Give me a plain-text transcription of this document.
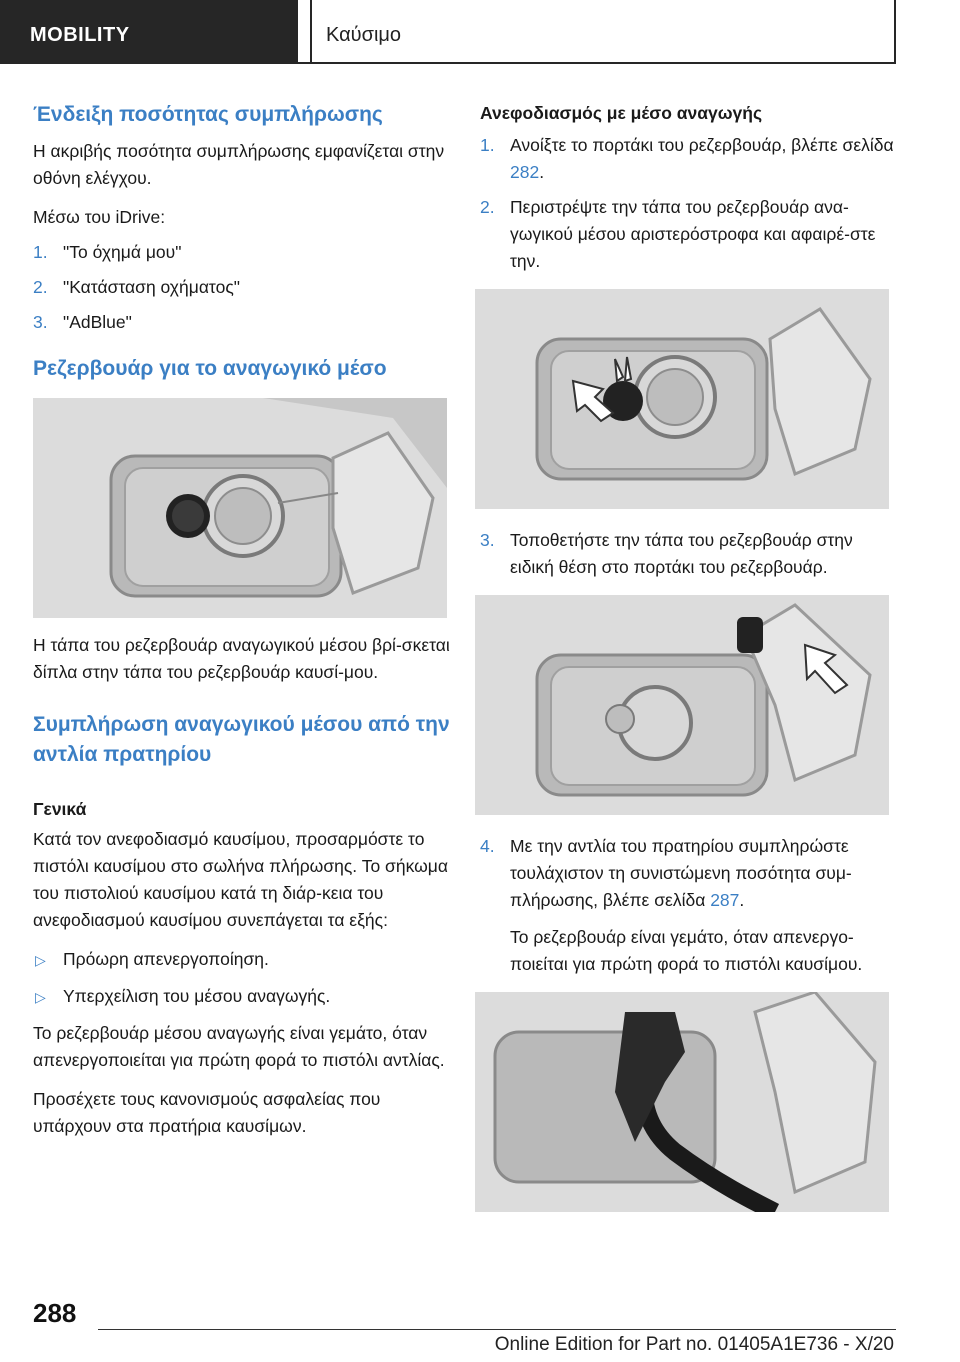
MOBILITY	Καύσιμο
Ένδειξη ποσότητας συμπλήρωσης

Η ακριβής ποσότητα συμπλήρωσης εμφανίζεται στην οθόνη ελέγχου.

Μέσω του iDrive:

1. "Το όχημά μου"
2. "Κατάσταση οχήματος"
3. "AdBlue"
Ρεζερβουάρ για το αναγωγικό μέσο

Η τάπα του ρεζερβουάρ αναγωγικού μέσου βρί-σκεται δίπλα στην τάπα του ρεζερβουάρ καυσί-μου.

Συμπλήρωση αναγωγικού μέσου από την αντλία πρατηρίου
Γενικά

Κατά τον ανεφοδιασμό καυσίμου, προσαρμόστε το πιστόλι καυσίμου στο σωλήνα πλήρωσης. Το σήκωμα του πιστολιού καυσίμου κατά τη διάρ-κεια του ανεφοδιασμού καυσίμου συνεπάγεται τα εξής:

▷ Πρόωρη απενεργοποίηση.
▷ Υπερχείλιση του μέσου αναγωγής.

Το ρεζερβουάρ μέσου αναγωγής είναι γεμάτο, όταν απενεργοποιείται για πρώτη φορά το πιστόλι αντλίας.

Προσέχετε τους κανονισμούς ασφαλείας που υπάρχουν στα πρατήρια καυσίμων.

Ανεφοδιασμός με μέσο αναγωγής
1. Ανοίξτε το πορτάκι του ρεζερβουάρ, βλέπε σελίδα 282.
2. Περιστρέψτε την τάπα του ρεζερβουάρ ανα-γωγικού μέσου αριστερόστροφα και αφαιρέ-στε την.
3. Τοποθετήστε την τάπα του ρεζερβουάρ στην ειδική θέση στο πορτάκι του ρεζερβουάρ.
4. Με την αντλία του πρατηρίου συμπληρώστε τουλάχιστον τη συνιστώμενη ποσότητα συμ-πλήρωσης, βλέπε σελίδα 287.
Το ρεζερβουάρ είναι γεμάτο, όταν απενεργο-ποιείται για πρώτη φορά το πιστόλι καυσίμου.
288
Online Edition for Part no. 01405A1E736 - X/20
